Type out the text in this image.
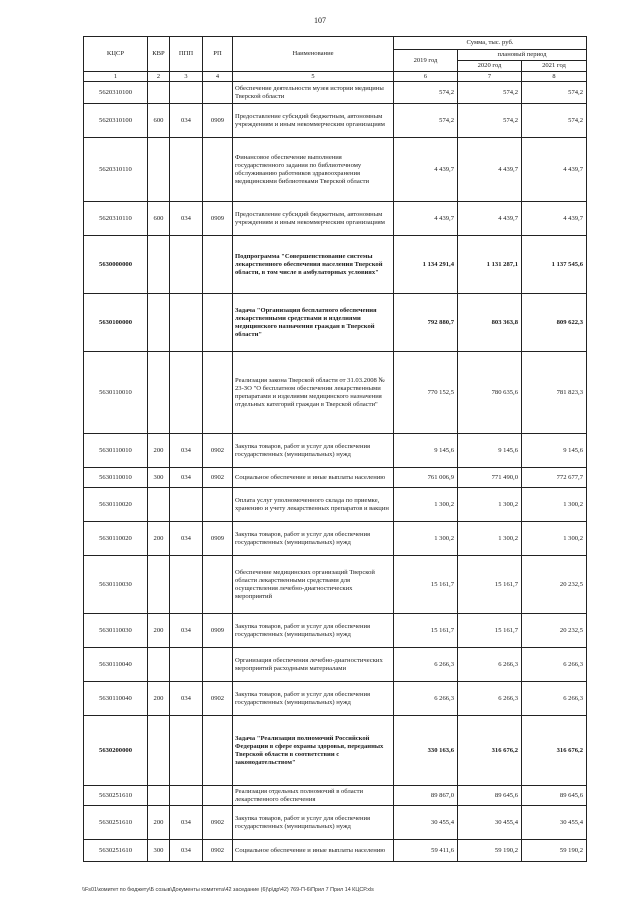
107
КЦСР	КВР	ППП	РП	Наименование	Сумма, тыс. руб.		
					2019 год	плановый период	
						2020 год	2021 год
1	2	3	4	5	6	7	8
5620310100				Обеспечение деятельности музея истории медицины Тверской области	574,2	574,2	574,2
5620310100	600	034	0909	Предоставление субсидий бюджетным, автономным учреждениям и иным некоммерческим организациям	574,2	574,2	574,2
5620310110				Финансовое обеспечение выполнения государственного задания по библиотечному обслуживанию работников здравоохранения медицинскими библиотеками Тверской области	4 439,7	4 439,7	4 439,7
5620310110	600	034	0909	Предоставление субсидий бюджетным, автономным учреждениям и иным некоммерческим организациям	4 439,7	4 439,7	4 439,7
5630000000				Подпрограмма "Совершенствование системы лекарственного обеспечения населения Тверской области, в том числе в амбулаторных условиях"	1 134 291,4	1 131 287,1	1 137 545,6
5630100000				Задача "Организация бесплатного обеспечения лекарственными средствами и изделиями медицинского назначения граждан в Тверской области"	792 880,7	803 363,8	809 622,3
5630110010				Реализация закона Тверской области от 31.03.2008 № 23-ЗО "О бесплатном обеспечении лекарственными препаратами и изделиями медицинского назначения отдельных категорий граждан в Тверской области"	770 152,5	780 635,6	781 823,3
5630110010	200	034	0902	Закупка товаров, работ и услуг для обеспечения государственных (муниципальных) нужд	9 145,6	9 145,6	9 145,6
5630110010	300	034	0902	Социальное обеспечение и иные выплаты населению	761 006,9	771 490,0	772 677,7
5630110020				Оплата услуг уполномоченного склада по приемке, хранению и учету лекарственных препаратов и вакцин	1 300,2	1 300,2	1 300,2
5630110020	200	034	0909	Закупка товаров, работ и услуг для обеспечения государственных (муниципальных) нужд	1 300,2	1 300,2	1 300,2
5630110030				Обеспечение медицинских организаций Тверской области лекарственными средствами для осуществления лечебно-диагностических мероприятий	15 161,7	15 161,7	20 232,5
5630110030	200	034	0909	Закупка товаров, работ и услуг для обеспечения государственных (муниципальных) нужд	15 161,7	15 161,7	20 232,5
5630110040				Организация обеспечения лечебно-диагностических мероприятий расходными материалами	6 266,3	6 266,3	6 266,3
5630110040	200	034	0902	Закупка товаров, работ и услуг для обеспечения государственных (муниципальных) нужд	6 266,3	6 266,3	6 266,3
5630200000				Задача "Реализация полномочий Российской Федерации в сфере охраны здоровья, переданных Тверской области в соответствии с законодательством"	330 163,6	316 676,2	316 676,2
5630251610				Реализация отдельных полномочий в области лекарственного обеспечения	89 867,0	89 645,6	89 645,6
5630251610	200	034	0902	Закупка товаров, работ и услуг для обеспечения государственных (муниципальных) нужд	30 455,4	30 455,4	30 455,4
5630251610	300	034	0902	Социальное обеспечение и иные выплаты населению	59 411,6	59 190,2	59 190,2
\\Fs01\комитет по бюджету\Б созыв\Документы комитета\42 заседание (6)\р\др\42) 769-П-6\Прил 7 Прил 14 КЦСР.xls
